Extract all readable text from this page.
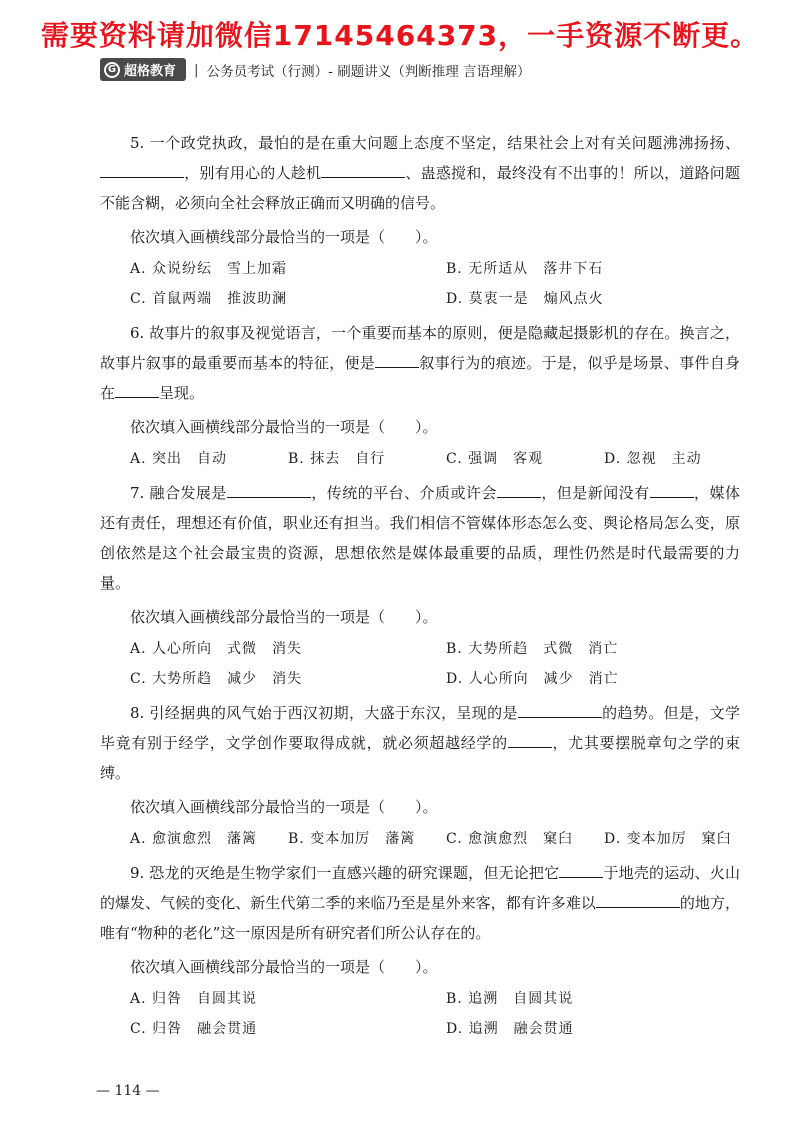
需要资料请加微信17145464373，一手资源不断更。
G 超格教育 | 公务员考试（行测）- 刷题讲义（判断推理 言语理解）

5. 一个政党执政，最怕的是在重大问题上态度不坚定，结果社会上对有关问题沸沸扬扬、，别有用心的人趁机	、蛊惑搅和，最终没有不出事的！所以，道路问题不能含糊，必须向全社会释放正确而又明确的信号。

依次填入画横线部分最恰当的一项是（　　）。
A. 众说纷纭　雪上加霜	B. 无所适从　落井下石
C. 首鼠两端　推波助澜	D. 莫衷一是　煽风点火

6. 故事片的叙事及视觉语言，一个重要而基本的原则，便是隐藏起摄影机的存在。换言之，故事片叙事的最重要而基本的特征，便是	叙事行为的痕迹。于是，似乎是场景、事件自身在	呈现。

依次填入画横线部分最恰当的一项是（　　）。
A. 突出　自动	B. 抹去　自行	C. 强调　客观	D. 忽视　主动

7. 融合发展是	，传统的平台、介质或许会	，但是新闻没有	，媒体还有责任，理想还有价值，职业还有担当。我们相信不管媒体形态怎么变、舆论格局怎么变，原创依然是这个社会最宝贵的资源，思想依然是媒体最重要的品质，理性仍然是时代最需要的力量。

依次填入画横线部分最恰当的一项是（　　）。
A. 人心所向　式微　消失	B. 大势所趋　式微　消亡
C. 大势所趋　减少　消失	D. 人心所向　减少　消亡

8. 引经据典的风气始于西汉初期，大盛于东汉，呈现的是	的趋势。但是，文学毕竟有别于经学，文学创作要取得成就，就必须超越经学的	，尤其要摆脱章句之学的束缚。

依次填入画横线部分最恰当的一项是（　　）。
A. 愈演愈烈　藩篱	B. 变本加厉　藩篱	C. 愈演愈烈　窠臼	D. 变本加厉　窠臼

9. 恐龙的灭绝是生物学家们一直感兴趣的研究课题，但无论把它	于地壳的运动、火山的爆发、气候的变化、新生代第二季的来临乃至是星外来客，都有许多难以	的地方，唯有“物种的老化”这一原因是所有研究者们所公认存在的。

依次填入画横线部分最恰当的一项是（　　）。
A. 归咎　自圆其说	B. 追溯　自圆其说
C. 归咎　融会贯通	D. 追溯　融会贯通
— 114 —
